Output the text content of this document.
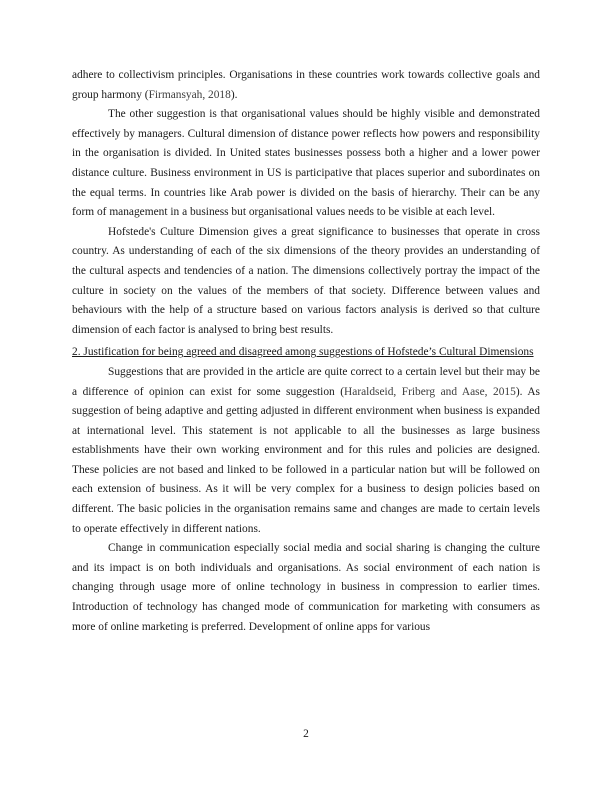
adhere to collectivism principles. Organisations in these countries work towards collective goals and group harmony (Firmansyah, 2018).

The other suggestion is that organisational values should be highly visible and demonstrated effectively by managers. Cultural dimension of distance power reflects how powers and responsibility in the organisation is divided. In United states businesses possess both a higher and a lower power distance culture. Business environment in US is participative that places superior and subordinates on the equal terms. In countries like Arab power is divided on the basis of hierarchy. Their can be any form of management in a business but organisational values needs to be visible at each level.

Hofstede's Culture Dimension gives a great significance to businesses that operate in cross country. As understanding of each of the six dimensions of the theory provides an understanding of the cultural aspects and tendencies of a nation. The dimensions collectively portray the impact of the culture in society on the values of the members of that society. Difference between values and behaviours with the help of a structure based on various factors analysis is derived so that culture dimension of each factor is analysed to bring best results.

2. Justification for being agreed and disagreed among suggestions of Hofstede’s Cultural Dimensions

Suggestions that are provided in the article are quite correct to a certain level but their may be a difference of opinion can exist for some suggestion (Haraldseid, Friberg and Aase, 2015). As suggestion of being adaptive and getting adjusted in different environment when business is expanded at international level. This statement is not applicable to all the businesses as large business establishments have their own working environment and for this rules and policies are designed. These policies are not based and linked to be followed in a particular nation but will be followed on each extension of business. As it will be very complex for a business to design policies based on different. The basic policies in the organisation remains same and changes are made to certain levels to operate effectively in different nations.

Change in communication especially social media and social sharing is changing the culture and its impact is on both individuals and organisations. As social environment of each nation is changing through usage more of online technology in business in compression to earlier times. Introduction of technology has changed mode of communication for marketing with consumers as more of online marketing is preferred. Development of online apps for various

2
